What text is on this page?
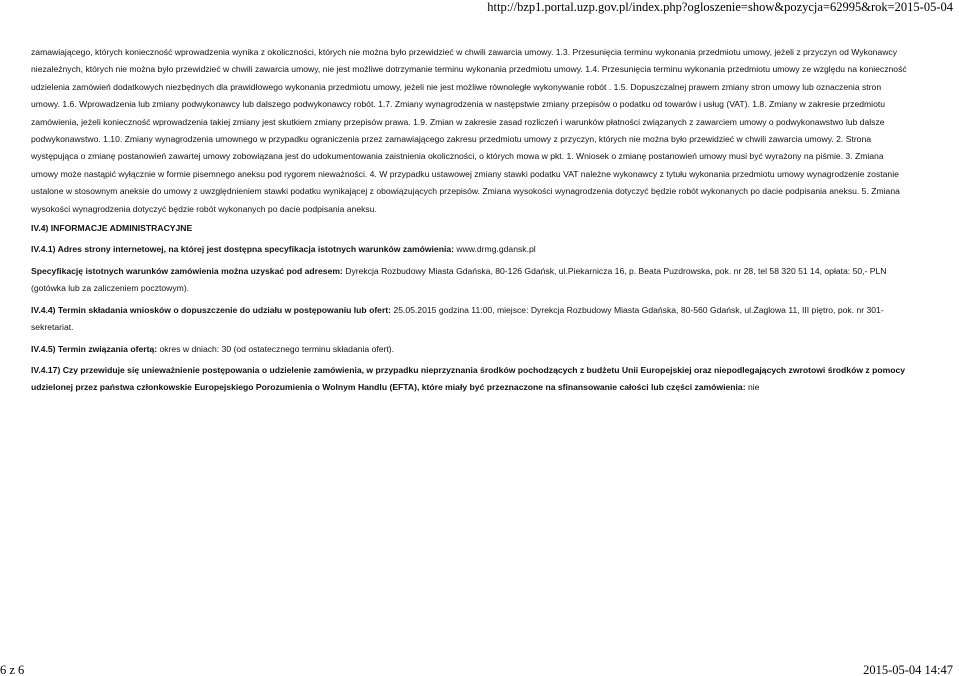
http://bzp1.portal.uzp.gov.pl/index.php?ogloszenie=show&pozycja=62995&rok=2015-05-04

zamawiającego, których konieczność wprowadzenia wynika z okoliczności, których nie można było przewidzieć w chwili zawarcia umowy. 1.3. Przesunięcia terminu wykonania przedmiotu umowy, jeżeli z przyczyn od Wykonawcy niezależnych, których nie można było przewidzieć w chwili zawarcia umowy, nie jest możliwe dotrzymanie terminu wykonania przedmiotu umowy. 1.4. Przesunięcia terminu wykonania przedmiotu umowy ze względu na konieczność udzielenia zamówień dodatkowych niezbędnych dla prawidłowego wykonania przedmiotu umowy, jeżeli nie jest możliwe równoległe wykonywanie robót . 1.5. Dopuszczalnej prawem zmiany stron umowy lub oznaczenia stron umowy. 1.6. Wprowadzenia lub zmiany podwykonawcy lub dalszego podwykonawcy robót. 1.7. Zmiany wynagrodzenia w następstwie zmiany przepisów o podatku od towarów i usług (VAT). 1.8. Zmiany w zakresie przedmiotu zamówienia, jeżeli konieczność wprowadzenia takiej zmiany jest skutkiem zmiany przepisów prawa. 1.9. Zmian w zakresie zasad rozliczeń i warunków płatności związanych z zawarciem umowy o podwykonawstwo lub dalsze podwykonawstwo. 1.10. Zmiany wynagrodzenia umownego w przypadku ograniczenia przez zamawiającego zakresu przedmiotu umowy z przyczyn, których nie można było przewidzieć w chwili zawarcia umowy. 2. Strona występująca o zmianę postanowień zawartej umowy zobowiązana jest do udokumentowania zaistnienia okoliczności, o których mowa w pkt. 1. Wniosek o zmianę postanowień umowy musi być wyrażony na piśmie. 3. Zmiana umowy może nastąpić wyłącznie w formie pisemnego aneksu pod rygorem nieważności. 4. W przypadku ustawowej zmiany stawki podatku VAT należne wykonawcy z tytułu wykonania przedmiotu umowy wynagrodzenie zostanie ustalone w stosownym aneksie do umowy z uwzględnieniem stawki podatku wynikającej z obowiązujących przepisów. Zmiana wysokości wynagrodzenia dotyczyć będzie robót wykonanych po dacie podpisania aneksu. 5. Zmiana wysokości wynagrodzenia dotyczyć będzie robót wykonanych po dacie podpisania aneksu.

IV.4) INFORMACJE ADMINISTRACYJNE

IV.4.1) Adres strony internetowej, na której jest dostępna specyfikacja istotnych warunków zamówienia: www.drmg.gdansk.pl

Specyfikację istotnych warunków zamówienia można uzyskać pod adresem: Dyrekcja Rozbudowy Miasta Gdańska, 80-126 Gdańsk, ul.Piekarnicza 16, p. Beata Puzdrowska, pok. nr 28, tel 58 320 51 14, opłata: 50,- PLN (gotówka lub za zaliczeniem pocztowym).

IV.4.4) Termin składania wniosków o dopuszczenie do udziału w postępowaniu lub ofert: 25.05.2015 godzina 11:00, miejsce: Dyrekcja Rozbudowy Miasta Gdańska, 80-560 Gdańsk, ul.Żaglowa 11, III piętro, pok. nr 301- sekretariat.

IV.4.5) Termin związania ofertą: okres w dniach: 30 (od ostatecznego terminu składania ofert).

IV.4.17) Czy przewiduje się unieważnienie postępowania o udzielenie zamówienia, w przypadku nieprzyznania środków pochodzących z budżetu Unii Europejskiej oraz niepodlegających zwrotowi środków z pomocy udzielonej przez państwa członkowskie Europejskiego Porozumienia o Wolnym Handlu (EFTA), które miały być przeznaczone na sfinansowanie całości lub części zamówienia: nie

6 z 6	2015-05-04 14:47
